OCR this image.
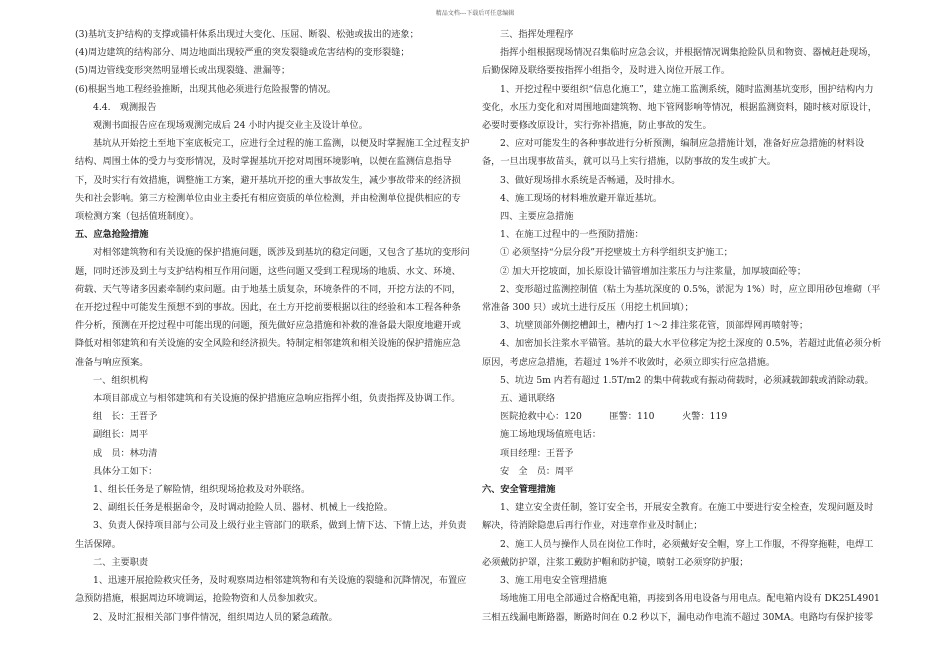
精品文档---下载后可任意编辑

(3)基坑支护结构的支撑或锚杆体系出现过大变化、压屈、断裂、松弛或拔出的迹象；

(4)周边建筑的结构部分、周边地面出现较严重的突发裂缝或危害结构的变形裂缝；

(5)周边管线变形突然明显增长或出现裂缝、泄漏等；

(6)根据当地工程经验推断，出现其他必须进行危险报警的情况。

4.4.　观测报告

观测书面报告应在现场观测完成后 24 小时内提交业主及设计单位。

基坑从开始挖土至地下室底板完工，应进行全过程的施工监测，以便及时掌握施工全过程支护结构、周围土体的受力与变形情况，及时掌握基坑开挖对周围环境影响，以便在监测信息指导下，及时实行有效措施，调整施工方案，避开基坑开挖的重大事故发生，减少事故带来的经济损失和社会影响。第三方检测单位由业主委托有相应资质的单位检测，并由检测单位提供相应的专项检测方案（包括值班制度）。

五、应急抢险措施

对相邻建筑物和有关设施的保护措施问题，既涉及到基坑的稳定问题，又包含了基坑的变形问题，同时还涉及到土与支护结构相互作用问题，这些问题又受到工程现场的地质、水文、环境、荷载、天气等诸多因素牵制约束问题。由于地基土质复杂，环境条件的不同，开挖方法的不同，在开挖过程中可能发生预想不到的事故。因此，在土方开挖前要根据以往的经验和本工程各种条件分析，预测在开挖过程中可能出现的问题，预先做好应急措施和补救的准备最大限度地避开或降低对相邻建筑和有关设施的安全风险和经济损失。特制定相邻建筑和相关设施的保护措施应急准备与响应预案。

一、组织机构

本项目部成立与相邻建筑和有关设施的保护措施应急响应指挥小组，负责指挥及协调工作。

组　长：王晋予

副组长：周平

成　员：林功清

具体分工如下：

1、组长任务是了解险情，组织现场抢救及对外联络。

2、副组长任务是根据命令，及时调动抢险人员、器材、机械上一线抢险。

3、负责人保持项目部与公司及上级行业主管部门的联系，做到上情下达、下情上达，并负责生活保障。

二、主要职责

1、迅速开展抢险救灾任务，及时观察周边相邻建筑物和有关设施的裂缝和沉降情况，布置应急预防措施，根据周边环境调运，抢险物资和人员参加救灾。

2、及时汇报相关部门事件情况，组织周边人员的紧急疏散。

三、指挥处理程序

指挥小组根据现场情况召集临时应急会议，并根据情况调集抢险队员和物资、器械赶赴现场，后勤保障及联络要按指挥小组指令，及时进入岗位开展工作。

1、开挖过程中要组织“信息化施工”，建立施工监测系统，随时监测基坑变形，围护结构内力变化，水压力变化和对周围地面建筑物、地下管网影响等情况，根据监测资料，随时核对原设计，必要时要修改原设计，实行弥补措施，防止事故的发生。

2、应对可能发生的各种事故进行分析预测，编制应急措施计划，准备好应急措施的材料设备，一旦出现事故苗头，就可以马上实行措施，以防事故的发生或扩大。

3、做好现场排水系统是否畅通，及时排水。

4、施工现场的材料堆放避开靠近基坑。

四、主要应急措施

1、在施工过程中的一些预防措施：

① 必须坚持“分层分段”开挖壁坡土方科学组织支护施工；

② 加大开挖坡面，加长原设计锚管增加注浆压力与注浆量，加厚坡面砼等；

2、变形超过监测控制值（粘土为基坑深度的 0.5%，淤泥为 1%）时，应立即用砂包堆砌（平常准备 300 只）或坑土进行反压（用挖土机回填）；

3、坑壁顶部外侧挖槽卸土，槽内打 1～2 排注浆花管，顶部焊网再喷射等；

4、加密加长注浆水平锚管。基坑的最大水平位移定为挖土深度的 0.5%，若超过此值必须分析原因，考虑应急措施，若超过 1%并不收敛时，必须立即实行应急措施。

5、坑边 5m 内若有超过 1.5T/m2 的集中荷载或有振动荷载时，必须减载卸载或消除动载。

五、通讯联络

医院抢救中心：120　　　匪警：110　　　火警：119

施工场地现场值班电话：

项目经理：王晋予

安　全　员：周平

六、安全管理措施

1、建立安全责任制，签订安全书，开展安全教育。在施工中要进行安全检查，发现问题及时解决，待消除隐患后再行作业，对违章作业及时制止；

2、施工人员与操作人员在岗位工作时，必须戴好安全帽，穿上工作服，不得穿拖鞋，电焊工必须戴防护罩，注浆工戴防护帽和防护镜，喷射工必须穿防护服；

3、施工用电安全管理措施

场地施工用电全部通过合格配电箱，再接到各用电设备与用电点。配电箱内设有 DK25L4901 三相五线漏电断路器，断路时间在 0.2 秒以下，漏电动作电流不超过 30MA。电路均有保护接零
